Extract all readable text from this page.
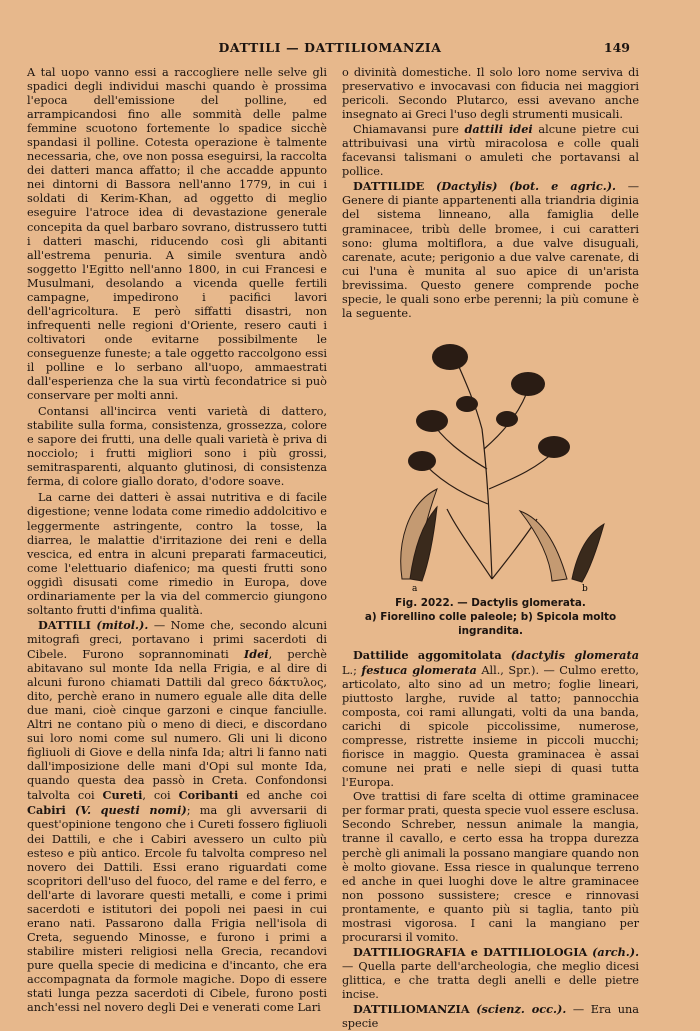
DATTILI — DATTILIOMANZIA	149

A tal uopo vanno essi a raccogliere nelle selve gli spadici degli individui maschi quando è prossima l'epoca dell'emissione del polline, ed arrampicandosi fino alle sommità delle palme femmine scuotono fortemente lo spadice sicchè spandasi il polline. Cotesta operazione è talmente necessaria, che, ove non possa eseguirsi, la raccolta dei datteri manca affatto; il che accadde appunto nei dintorni di Bassora nell'anno 1779, in cui i soldati di Kerim-Khan, ad oggetto di meglio eseguire l'atroce idea di devastazione generale concepita da quel barbaro sovrano, distrussero tutti i datteri maschi, riducendo così gli abitanti all'estrema penuria. A simile sventura andò soggetto l'Egitto nell'anno 1800, in cui Francesi e Musulmani, desolando a vicenda quelle fertili campagne, impedirono i pacifici lavori dell'agricoltura. E però siffatti disastri, non infrequenti nelle regioni d'Oriente, resero cauti i coltivatori onde evitarne possibilmente le conseguenze funeste; a tale oggetto raccolgono essi il polline e lo serbano all'uopo, ammaestrati dall'esperienza che la sua virtù fecondatrice si può conservare per molti anni.

Contansi all'incirca venti varietà di dattero, stabilite sulla forma, consistenza, grossezza, colore e sapore dei frutti, una delle quali varietà è priva di nocciolo; i frutti migliori sono i più grossi, semitrasparenti, alquanto glutinosi, di consistenza ferma, di colore giallo dorato, d'odore soave.

La carne dei datteri è assai nutritiva e di facile digestione; venne lodata come rimedio addolcitivo e leggermente astringente, contro la tosse, la diarrea, le malattie d'irritazione dei reni e della vescica, ed entra in alcuni preparati farmaceutici, come l'elettuario diafenico; ma questi frutti sono oggidì disusati come rimedio in Europa, dove ordinariamente per la via del commercio giungono soltanto frutti d'infima qualità.

DATTILI (mitol.). — Nome che, secondo alcuni mitografi greci, portavano i primi sacerdoti di Cibele. Furono soprannominati Idei, perchè abitavano sul monte Ida nella Frigia, e al dire di alcuni furono chiamati Dattili dal greco δάκτυλος, dito, perchè erano in numero eguale alle dita delle due mani, cioè cinque garzoni e cinque fanciulle. Altri ne contano più o meno di dieci, e discordano sui loro nomi come sul numero. Gli uni li dicono figliuoli di Giove e della ninfa Ida; altri li fanno nati dall'imposizione delle mani d'Opi sul monte Ida, quando questa dea passò in Creta. Confondonsi talvolta coi Cureti, coi Coribanti ed anche coi Cabiri (V. questi nomi); ma gli avversarii di quest'opinione tengono che i Cureti fossero figliuoli dei Dattili, e che i Cabiri avessero un culto più esteso e più antico. Ercole fu talvolta compreso nel novero dei Dattili. Essi erano riguardati come scopritori dell'uso del fuoco, del rame e del ferro, e dell'arte di lavorare questi metalli, e come i primi sacerdoti e istitutori dei popoli nei paesi in cui erano nati. Passarono dalla Frigia nell'isola di Creta, seguendo Minosse, e furono i primi a stabilire misteri religiosi nella Grecia, recandovi pure quella specie di medicina e d'incanto, che era accompagnata da formole magiche. Dopo di essere stati lunga pezza sacerdoti di Cibele, furono posti anch'essi nel novero degli Dei e venerati come Lari

o divinità domestiche. Il solo loro nome serviva di preservativo e invocavasi con fiducia nei maggiori pericoli. Secondo Plutarco, essi avevano anche insegnato ai Greci l'uso degli strumenti musicali.

Chiamavansi pure dattili idei alcune pietre cui attribuivasi una virtù miracolosa e colle quali facevansi talismani o amuleti che portavansi al pollice.

DATTILIDE (Dactylis) (bot. e agric.). — Genere di piante appartenenti alla triandria diginia del sistema linneano, alla famiglia delle graminacee, tribù delle bromee, i cui caratteri sono: gluma moltiflora, a due valve disuguali, carenate, acute; perigonio a due valve carenate, di cui l'una è munita al suo apice di un'arista brevissima. Questo genere comprende poche specie, le quali sono erbe perenni; la più comune è la seguente.

a	b
Fig. 2022. — Dactylis glomerata.
a) Fiorellino colle paleole; b) Spicola molto ingrandita.

Dattilide aggomitolata (dactylis glomerata L.; festuca glomerata All., Spr.). — Culmo eretto, articolato, alto sino ad un metro; foglie lineari, piuttosto larghe, ruvide al tatto; pannocchia composta, coi rami allungati, volti da una banda, carichi di spicole piccolissime, numerose, compresse, ristrette insieme in piccoli mucchi; fiorisce in maggio. Questa graminacea è assai comune nei prati e nelle siepi di quasi tutta l'Europa.

Ove trattisi di fare scelta di ottime graminacee per formar prati, questa specie vuol essere esclusa. Secondo Schreber, nessun animale la mangia, tranne il cavallo, e certo essa ha troppa durezza perchè gli animali la possano mangiare quando non è molto giovane. Essa riesce in qualunque terreno ed anche in quei luoghi dove le altre graminacee non possono sussistere; cresce e rinnovasi prontamente, e quanto più si taglia, tanto più mostrasi vigorosa. I cani la mangiano per procurarsi il vomito.

DATTILIOGRAFIA e DATTILIOLOGIA (arch.).— Quella parte dell'archeologia, che meglio dicesi glittica, e che tratta degli anelli e delle pietre incise.

DATTILIOMANZIA (scienz. occ.). — Era una specie
